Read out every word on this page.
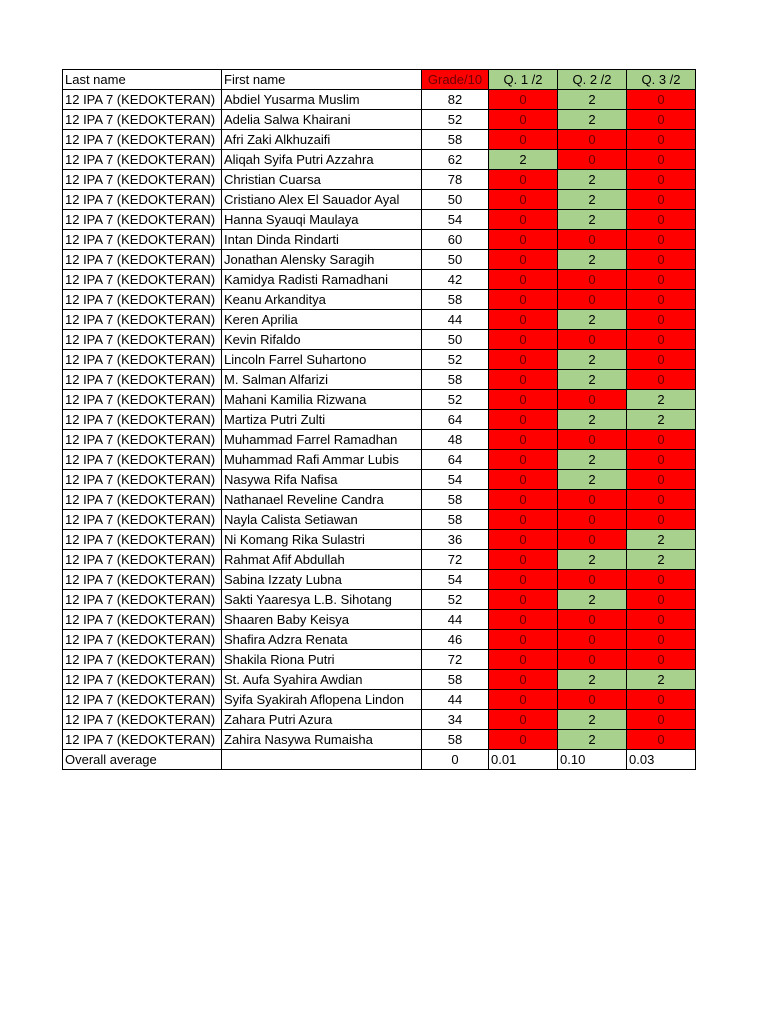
Last name	First name	Grade/10	Q. 1 /2	Q. 2 /2	Q. 3 /2
12 IPA 7 (KEDOKTERAN)	Abdiel Yusarma Muslim	82	0	2	0
12 IPA 7 (KEDOKTERAN)	Adelia Salwa Khairani	52	0	2	0
12 IPA 7 (KEDOKTERAN)	Afri Zaki Alkhuzaifi	58	0	0	0
12 IPA 7 (KEDOKTERAN)	Aliqah Syifa Putri Azzahra	62	2	0	0
12 IPA 7 (KEDOKTERAN)	Christian Cuarsa	78	0	2	0
12 IPA 7 (KEDOKTERAN)	Cristiano Alex El Sauador Ayal	50	0	2	0
12 IPA 7 (KEDOKTERAN)	Hanna Syauqi Maulaya	54	0	2	0
12 IPA 7 (KEDOKTERAN)	Intan Dinda Rindarti	60	0	0	0
12 IPA 7 (KEDOKTERAN)	Jonathan Alensky Saragih	50	0	2	0
12 IPA 7 (KEDOKTERAN)	Kamidya Radisti Ramadhani	42	0	0	0
12 IPA 7 (KEDOKTERAN)	Keanu Arkanditya	58	0	0	0
12 IPA 7 (KEDOKTERAN)	Keren Aprilia	44	0	2	0
12 IPA 7 (KEDOKTERAN)	Kevin Rifaldo	50	0	0	0
12 IPA 7 (KEDOKTERAN)	Lincoln Farrel Suhartono	52	0	2	0
12 IPA 7 (KEDOKTERAN)	M. Salman Alfarizi	58	0	2	0
12 IPA 7 (KEDOKTERAN)	Mahani Kamilia Rizwana	52	0	0	2
12 IPA 7 (KEDOKTERAN)	Martiza Putri Zulti	64	0	2	2
12 IPA 7 (KEDOKTERAN)	Muhammad Farrel Ramadhan	48	0	0	0
12 IPA 7 (KEDOKTERAN)	Muhammad Rafi Ammar Lubis	64	0	2	0
12 IPA 7 (KEDOKTERAN)	Nasywa Rifa Nafisa	54	0	2	0
12 IPA 7 (KEDOKTERAN)	Nathanael Reveline Candra	58	0	0	0
12 IPA 7 (KEDOKTERAN)	Nayla Calista Setiawan	58	0	0	0
12 IPA 7 (KEDOKTERAN)	Ni Komang Rika Sulastri	36	0	0	2
12 IPA 7 (KEDOKTERAN)	Rahmat Afif Abdullah	72	0	2	2
12 IPA 7 (KEDOKTERAN)	Sabina Izzaty Lubna	54	0	0	0
12 IPA 7 (KEDOKTERAN)	Sakti Yaaresya L.B. Sihotang	52	0	2	0
12 IPA 7 (KEDOKTERAN)	Shaaren Baby Keisya	44	0	0	0
12 IPA 7 (KEDOKTERAN)	Shafira Adzra Renata	46	0	0	0
12 IPA 7 (KEDOKTERAN)	Shakila Riona Putri	72	0	0	0
12 IPA 7 (KEDOKTERAN)	St. Aufa Syahira Awdian	58	0	2	2
12 IPA 7 (KEDOKTERAN)	Syifa Syakirah Aflopena Lindon	44	0	0	0
12 IPA 7 (KEDOKTERAN)	Zahara Putri Azura	34	0	2	0
12 IPA 7 (KEDOKTERAN)	Zahira Nasywa Rumaisha	58	0	2	0
Overall average		0	0.01	0.10	0.03
